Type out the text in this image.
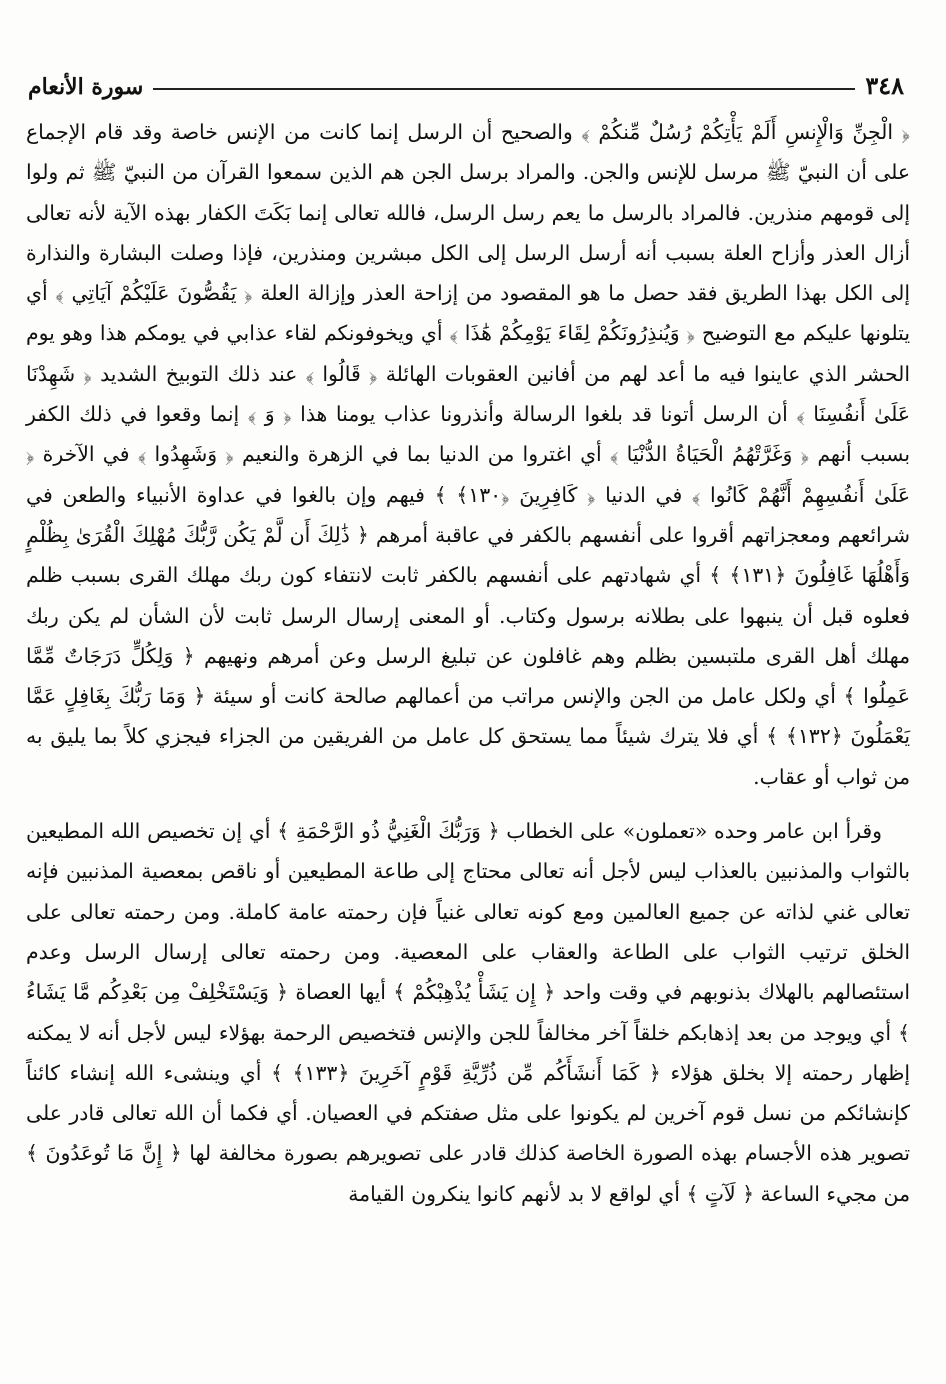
٣٤٨
سورة الأنعام

﴿ الْجِنِّ وَالْإِنسِ أَلَمْ يَأْتِكُمْ رُسُلٌ مِّنكُمْ ﴾ والصحيح أن الرسل إنما كانت من الإنس خاصة وقد قام الإجماع على أن النبيّ ﷺ مرسل للإنس والجن. والمراد برسل الجن هم الذين سمعوا القرآن من النبيّ ﷺ ثم ولوا إلى قومهم منذرين. فالمراد بالرسل ما يعم رسل الرسل، فالله تعالى إنما بَكَتَ الكفار بهذه الآية لأنه تعالى أزال العذر وأزاح العلة بسبب أنه أرسل الرسل إلى الكل مبشرين ومنذرين، فإذا وصلت البشارة والنذارة إلى الكل بهذا الطريق فقد حصل ما هو المقصود من إزاحة العذر وإزالة العلة ﴿ يَقُصُّونَ عَلَيْكُمْ آيَاتِي ﴾ أي يتلونها عليكم مع التوضيح ﴿ وَيُنذِرُونَكُمْ لِقَاءَ يَوْمِكُمْ هَٰذَا ﴾ أي ويخوفونكم لقاء عذابي في يومكم هذا وهو يوم الحشر الذي عاينوا فيه ما أعد لهم من أفانين العقوبات الهائلة ﴿ قَالُوا ﴾ عند ذلك التوبيخ الشديد ﴿ شَهِدْنَا عَلَىٰ أَنفُسِنَا ﴾ أن الرسل أتونا قد بلغوا الرسالة وأنذرونا عذاب يومنا هذا ﴿ وَ ﴾ إنما وقعوا في ذلك الكفر بسبب أنهم ﴿ وَغَرَّتْهُمُ الْحَيَاةُ الدُّنْيَا ﴾ أي اغتروا من الدنيا بما في الزهرة والنعيم ﴿ وَشَهِدُوا ﴾ في الآخرة ﴿ عَلَىٰ أَنفُسِهِمْ أَنَّهُمْ كَانُوا ﴾ في الدنيا ﴿ كَافِرِينَ ﴿١٣٠﴾ ﴾ فيهم وإن بالغوا في عداوة الأنبياء والطعن في شرائعهم ومعجزاتهم أقروا على أنفسهم بالكفر في عاقبة أمرهم ﴿ ذَٰلِكَ أَن لَّمْ يَكُن رَّبُّكَ مُهْلِكَ الْقُرَىٰ بِظُلْمٍ وَأَهْلُهَا غَافِلُونَ ﴿١٣١﴾ ﴾ أي شهادتهم على أنفسهم بالكفر ثابت لانتفاء كون ربك مهلك القرى بسبب ظلم فعلوه قبل أن ينبهوا على بطلانه برسول وكتاب. أو المعنى إرسال الرسل ثابت لأن الشأن لم يكن ربك مهلك أهل القرى ملتبسين بظلم وهم غافلون عن تبليغ الرسل وعن أمرهم ونهيهم ﴿ وَلِكُلٍّ دَرَجَاتٌ مِّمَّا عَمِلُوا ﴾ أي ولكل عامل من الجن والإنس مراتب من أعمالهم صالحة كانت أو سيئة ﴿ وَمَا رَبُّكَ بِغَافِلٍ عَمَّا يَعْمَلُونَ ﴿١٣٢﴾ ﴾ أي فلا يترك شيئاً مما يستحق كل عامل من الفريقين من الجزاء فيجزي كلاً بما يليق به من ثواب أو عقاب.

وقرأ ابن عامر وحده «تعملون» على الخطاب ﴿ وَرَبُّكَ الْغَنِيُّ ذُو الرَّحْمَةِ ﴾ أي إن تخصيص الله المطيعين بالثواب والمذنبين بالعذاب ليس لأجل أنه تعالى محتاج إلى طاعة المطيعين أو ناقص بمعصية المذنبين فإنه تعالى غني لذاته عن جميع العالمين ومع كونه تعالى غنياً فإن رحمته عامة كاملة. ومن رحمته تعالى على الخلق ترتيب الثواب على الطاعة والعقاب على المعصية. ومن رحمته تعالى إرسال الرسل وعدم استئصالهم بالهلاك بذنوبهم في وقت واحد ﴿ إِن يَشَأْ يُذْهِبْكُمْ ﴾ أيها العصاة ﴿ وَيَسْتَخْلِفْ مِن بَعْدِكُم مَّا يَشَاءُ ﴾ أي ويوجد من بعد إذهابكم خلقاً آخر مخالفاً للجن والإنس فتخصيص الرحمة بهؤلاء ليس لأجل أنه لا يمكنه إظهار رحمته إلا بخلق هؤلاء ﴿ كَمَا أَنشَأَكُم مِّن ذُرِّيَّةِ قَوْمٍ آخَرِينَ ﴿١٣٣﴾ ﴾ أي وينشىء الله إنشاء كائناً كإنشائكم من نسل قوم آخرين لم يكونوا على مثل صفتكم في العصيان. أي فكما أن الله تعالى قادر على تصوير هذه الأجسام بهذه الصورة الخاصة كذلك قادر على تصويرهم بصورة مخالفة لها ﴿ إِنَّ مَا تُوعَدُونَ ﴾ من مجيء الساعة ﴿ لَآتٍ ﴾ أي لواقع لا بد لأنهم كانوا ينكرون القيامة
